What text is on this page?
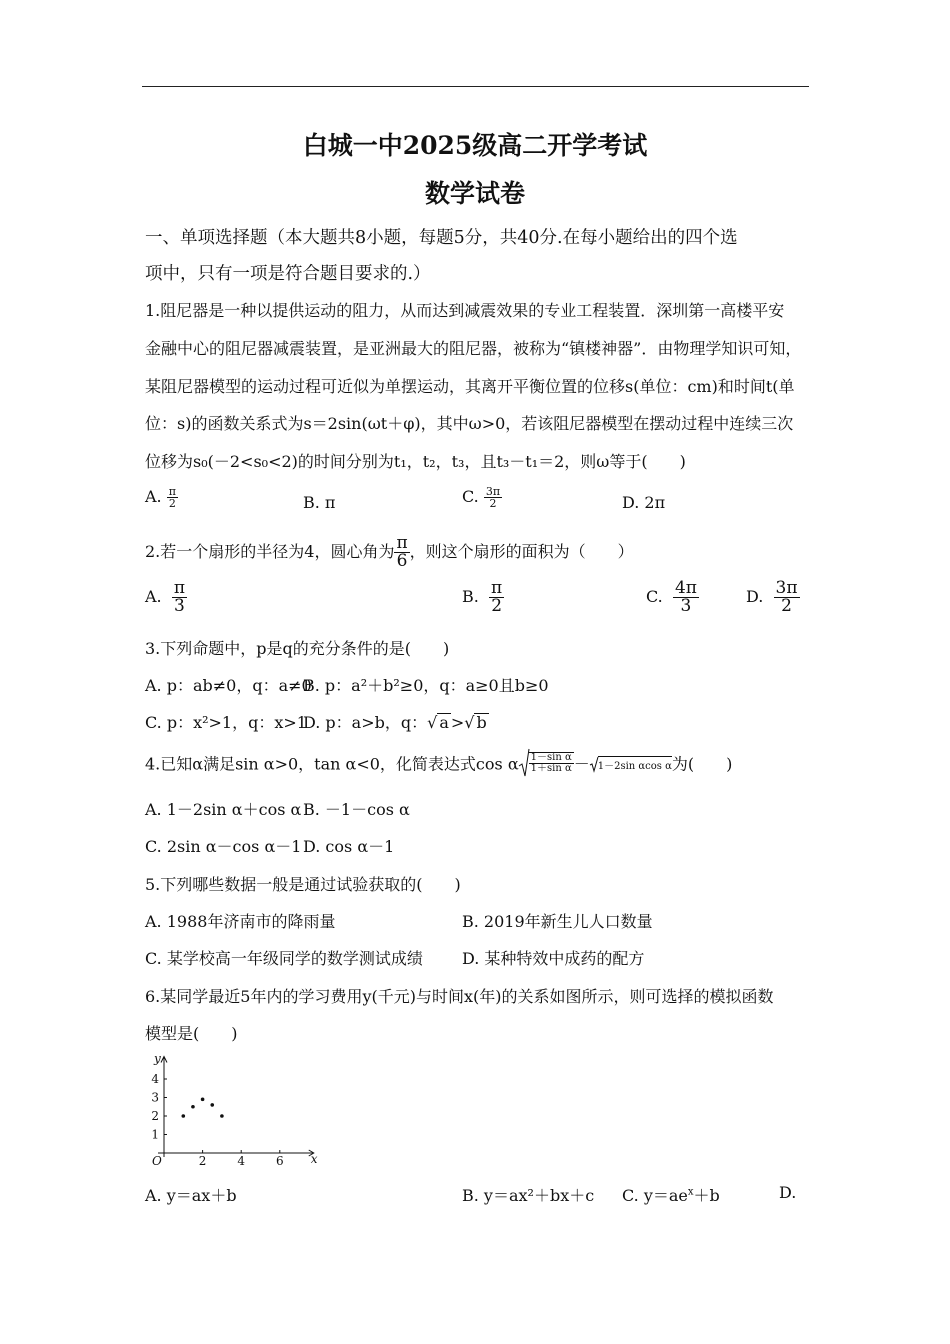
白城一中2025级高二开学考试
数学试卷
一、单项选择题（本大题共8小题，每题5分，共40分.在每小题给出的四个选
项中，只有一项是符合题目要求的.）
1.阻尼器是一种以提供运动的阻力，从而达到减震效果的专业工程装置．深圳第一高楼平安
金融中心的阻尼器减震装置，是亚洲最大的阻尼器，被称为“镇楼神器”．由物理学知识可知，
某阻尼器模型的运动过程可近似为单摆运动，其离开平衡位置的位移s(单位：cm)和时间t(单
位：s)的函数关系式为s＝2sin(ωt＋φ)，其中ω>0，若该阻尼器模型在摆动过程中连续三次
位移为s₀(－2<s₀<2)的时间分别为t₁，t₂，t₃，且t₃－t₁＝2，则ω等于(　　)
A. $\frac{\pi}{2}$	B. π	C. $\frac{3\pi}{2}$	D. 2π
2.若一个扇形的半径为4，圆心角为 $\frac{\pi}{6}$ ，则这个扇形的面积为（　　）
A. $\frac{\pi}{3}$	B. $\frac{\pi}{2}$	C. $\frac{4\pi}{3}$	D. $\frac{3\pi}{2}$
3.下列命题中，p是q的充分条件的是(　　)
A. p：ab≠0，q：a≠0
B. p：a²＋b²≥0，q：a≥0且b≥0
C. p：x²>1，q：x>1
D. p：a>b，q：√ a >√ b
4.已知α满足sin α>0，tan α<0，化简表达式cos α $\frac{\text{1－sin α}}{\text{1＋sin α}} - 1-2\sin$ αcos α为(　　)
A. 1－2sin α＋cos α B. －1－cos α
C. 2sin α－cos α－1 D. cos α－1
5.下列哪些数据一般是通过试验获取的(　　)
A. 1988年济南市的降雨量	B. 2019年新生儿人口数量
C. 某学校高一年级同学的数学测试成绩 D. 某种特效中成药的配方
6.某同学最近5年内的学习费用y(千元)与时间x(年)的关系如图所示，则可选择的模拟函数
模型是(　　)
2	4	6
1
2
3
4
O	x
y
A. y＝ax＋b	B. y＝ax²＋bx＋c C. $y=ae^x+b$	D.
